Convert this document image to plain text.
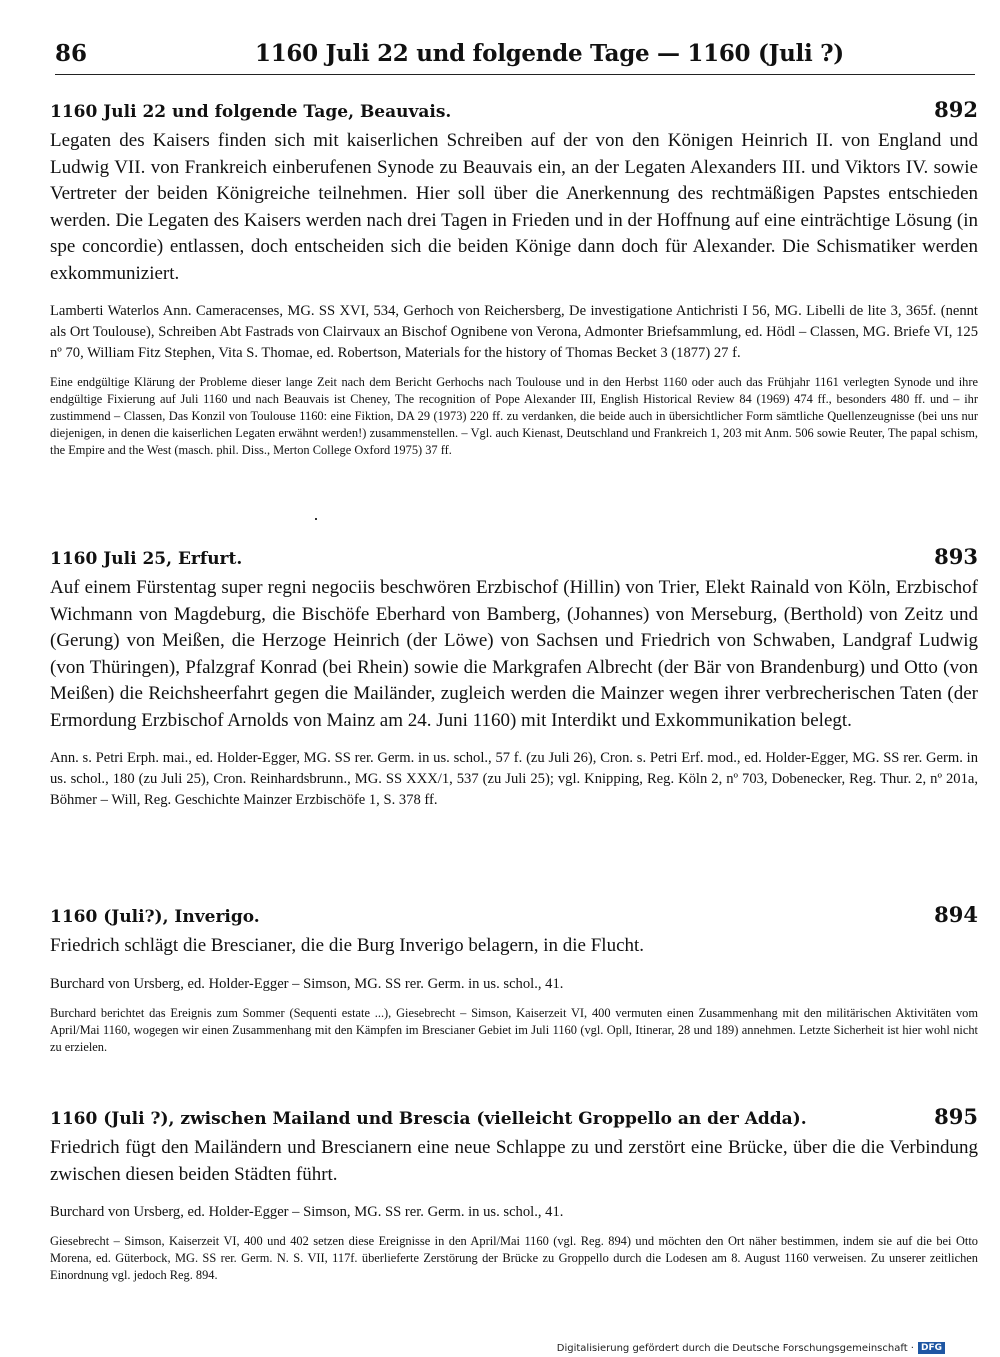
86	1160 Juli 22 und folgende Tage — 1160 (Juli ?)
1160 Juli 22 und folgende Tage, Beauvais.	892

Legaten des Kaisers finden sich mit kaiserlichen Schreiben auf der von den Königen Heinrich II. von England und Ludwig VII. von Frankreich einberufenen Synode zu Beauvais ein, an der Legaten Alexanders III. und Viktors IV. sowie Vertreter der beiden Königreiche teilnehmen. Hier soll über die Anerkennung des rechtmäßigen Papstes entschieden werden. Die Legaten des Kaisers werden nach drei Tagen in Frieden und in der Hoffnung auf eine einträchtige Lösung (in spe concordie) entlassen, doch entscheiden sich die beiden Könige dann doch für Alexander. Die Schismatiker werden exkommuniziert.

Lamberti Waterlos Ann. Cameracenses, MG. SS XVI, 534, Gerhoch von Reichersberg, De investigatione Antichristi I 56, MG. Libelli de lite 3, 365f. (nennt als Ort Toulouse), Schreiben Abt Fastrads von Clairvaux an Bischof Ognibene von Verona, Admonter Briefsammlung, ed. Hödl – Classen, MG. Briefe VI, 125 nº 70, William Fitz Stephen, Vita S. Thomae, ed. Robertson, Materials for the history of Thomas Becket 3 (1877) 27 f.

Eine endgültige Klärung der Probleme dieser lange Zeit nach dem Bericht Gerhochs nach Toulouse und in den Herbst 1160 oder auch das Frühjahr 1161 verlegten Synode und ihre endgültige Fixierung auf Juli 1160 und nach Beauvais ist Cheney, The recognition of Pope Alexander III, English Historical Review 84 (1969) 474 ff., besonders 480 ff. und – ihr zustimmend – Classen, Das Konzil von Toulouse 1160: eine Fiktion, DA 29 (1973) 220 ff. zu verdanken, die beide auch in übersichtlicher Form sämtliche Quellenzeugnisse (bei uns nur diejenigen, in denen die kaiserlichen Legaten erwähnt werden!) zusammenstellen. – Vgl. auch Kienast, Deutschland und Frankreich 1, 203 mit Anm. 506 sowie Reuter, The papal schism, the Empire and the West (masch. phil. Diss., Merton College Oxford 1975) 37 ff.

1160 Juli 25, Erfurt.	893

Auf einem Fürstentag super regni negociis beschwören Erzbischof (Hillin) von Trier, Elekt Rainald von Köln, Erzbischof Wichmann von Magdeburg, die Bischöfe Eberhard von Bamberg, (Johannes) von Merseburg, (Berthold) von Zeitz und (Gerung) von Meißen, die Herzoge Heinrich (der Löwe) von Sachsen und Friedrich von Schwaben, Landgraf Ludwig (von Thüringen), Pfalzgraf Konrad (bei Rhein) sowie die Markgrafen Albrecht (der Bär von Brandenburg) und Otto (von Meißen) die Reichsheerfahrt gegen die Mailänder, zugleich werden die Mainzer wegen ihrer verbrecherischen Taten (der Ermordung Erzbischof Arnolds von Mainz am 24. Juni 1160) mit Interdikt und Exkommunikation belegt.

Ann. s. Petri Erph. mai., ed. Holder-Egger, MG. SS rer. Germ. in us. schol., 57 f. (zu Juli 26), Cron. s. Petri Erf. mod., ed. Holder-Egger, MG. SS rer. Germ. in us. schol., 180 (zu Juli 25), Cron. Reinhardsbrunn., MG. SS XXX/1, 537 (zu Juli 25); vgl. Knipping, Reg. Köln 2, nº 703, Dobenecker, Reg. Thur. 2, nº 201a, Böhmer – Will, Reg. Geschichte Mainzer Erzbischöfe 1, S. 378 ff.

1160 (Juli?), Inverigo.	894

Friedrich schlägt die Brescianer, die die Burg Inverigo belagern, in die Flucht.

Burchard von Ursberg, ed. Holder-Egger – Simson, MG. SS rer. Germ. in us. schol., 41.

Burchard berichtet das Ereignis zum Sommer (Sequenti estate ...), Giesebrecht – Simson, Kaiserzeit VI, 400 vermuten einen Zusammenhang mit den militärischen Aktivitäten vom April/Mai 1160, wogegen wir einen Zusammenhang mit den Kämpfen im Brescianer Gebiet im Juli 1160 (vgl. Opll, Itinerar, 28 und 189) annehmen. Letzte Sicherheit ist hier wohl nicht zu erzielen.

1160 (Juli ?), zwischen Mailand und Brescia (vielleicht Groppello an der Adda).	895

Friedrich fügt den Mailändern und Brescianern eine neue Schlappe zu und zerstört eine Brücke, über die die Verbindung zwischen diesen beiden Städten führt.

Burchard von Ursberg, ed. Holder-Egger – Simson, MG. SS rer. Germ. in us. schol., 41.

Giesebrecht – Simson, Kaiserzeit VI, 400 und 402 setzen diese Ereignisse in den April/Mai 1160 (vgl. Reg. 894) und möchten den Ort näher bestimmen, indem sie auf die bei Otto Morena, ed. Güterbock, MG. SS rer. Germ. N. S. VII, 117f. überlieferte Zerstörung der Brücke zu Groppello durch die Lodesen am 8. August 1160 verweisen. Zu unserer zeitlichen Einordnung vgl. jedoch Reg. 894.

Digitalisierung gefördert durch die Deutsche Forschungsgemeinschaft · DFG
